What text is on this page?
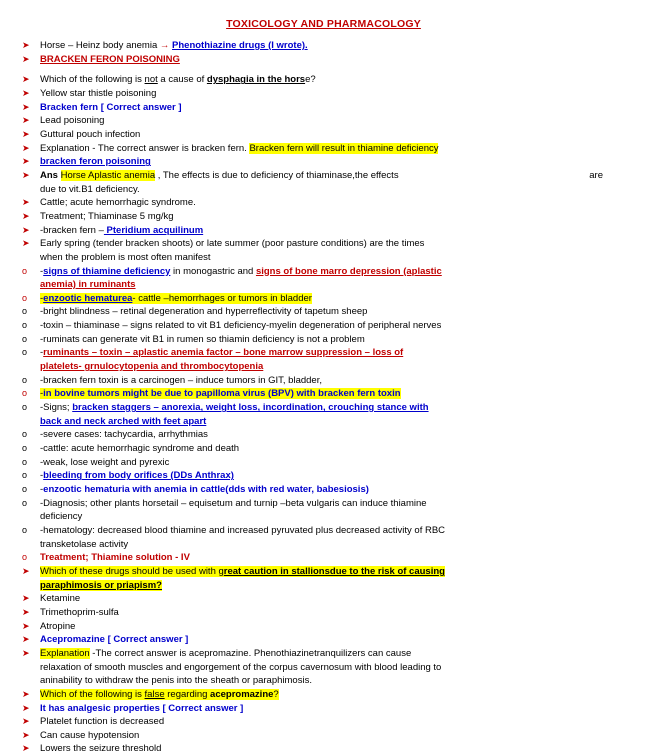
TOXICOLOGY AND PHARMACOLOGY
➤	Horse – Heinz body anemia → Phenothiazine drugs (I wrote).
➤	BRACKEN FERON POISONING
➤	Which of the following is not a cause of dysphagia in the horse?
➤	Yellow star thistle poisoning
➤	Bracken fern [ Correct answer ]
➤	Lead poisoning
➤	Guttural pouch infection
➤	Explanation - The correct answer is bracken fern. Bracken fern will result in thiamine deficiency
➤	bracken feron poisoning
➤	Ans Horse Aplastic anemia , The effects is due to deficiency of thiaminase,the effects	are

due to vit.B1 deficiency.
➤	Cattle; acute hemorrhagic syndrome.
➤	Treatment; Thiaminase 5 mg/kg
➤	-bracken fern – Pteridium acquilinum
➤	Early spring (tender bracken shoots) or late summer (poor pasture conditions) are the times

when the problem is most often manifest
o	-signs of thiamine deficiency in monogastric and signs of bone marro depression (aplastic

anemia) in ruminants
o	-enzootic hematurea- cattle –hemorrhages or tumors in bladder
o	-bright blindness – retinal degeneration and hyperreflectivity of tapetum sheep
o	-toxin – thiaminase – signs related to vit B1 deficiency-myelin degeneration of peripheral nerves
o	-ruminats can generate vit B1 in rumen so thiamin deficiency is not a problem
o	-ruminants – toxin – aplastic anemia factor – bone marrow suppression – loss of

platelets- grnulocytopenia and thrombocytopenia
o	-bracken fern toxin is a carcinogen – induce tumors in GIT, bladder,
o	-in bovine tumors might be due to papilloma virus (BPV) with bracken fern toxin
o	-Signs; bracken staggers – anorexia, weight loss, incordination, crouching stance with

back and neck arched with feet apart
o	-severe cases: tachycardia, arrhythmias
o	-cattle: acute hemorrhagic syndrome and death
o	-weak, lose weight and pyrexic
o	-bleeding from body orifices (DDs Anthrax)
o	-enzootic hematuria with anemia in cattle(dds with red water, babesiosis)
o	-Diagnosis; other plants horsetail – equisetum and turnip –beta vulgaris can induce thiamine

deficiency
o	-hematology: decreased blood thiamine and increased pyruvated plus decreased activity of RBC

transketolase activity
o	Treatment; Thiamine solution - IV
➤	Which of these drugs should be used with great caution in stallionsdue to the risk of causing

paraphimosis or priapism?
➤	Ketamine
➤	Trimethoprim-sulfa
➤	Atropine
➤	Acepromazine [ Correct answer ]
➤	Explanation -The correct answer is acepromazine. Phenothiazinetranquilizers can cause

relaxation of smooth muscles and engorgement of the corpus cavernosum with blood leading to

aninability to withdraw the penis into the sheath or paraphimosis.
➤	Which of the following is false regarding acepromazine?
➤	It has analgesic properties [ Correct answer ]
➤	Platelet function is decreased
➤	Can cause hypotension
➤	Lowers the seizure threshold
